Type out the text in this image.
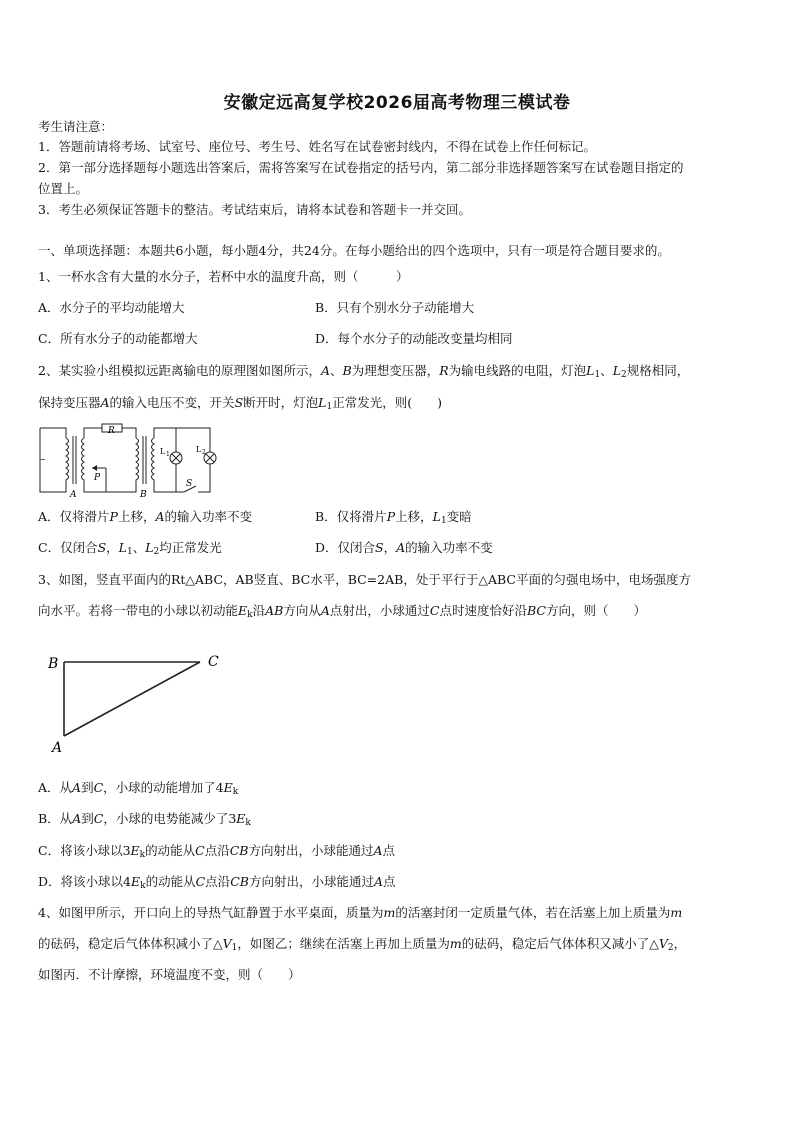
安徽定远高复学校2026届高考物理三模试卷
考生请注意：
1．答题前请将考场、试室号、座位号、考生号、姓名写在试卷密封线内，不得在试卷上作任何标记。
2．第一部分选择题每小题选出答案后，需将答案写在试卷指定的括号内，第二部分非选择题答案写在试卷题目指定的
位置上。
3．考生必须保证答题卡的整洁。考试结束后，请将本试卷和答题卡一并交回。
一、单项选择题：本题共6小题，每小题4分，共24分。在每小题给出的四个选项中，只有一项是符合题目要求的。
1、一杯水含有大量的水分子，若杯中水的温度升高，则（　　　）
A．水分子的平均动能增大	B．只有个别水分子动能增大
C．所有水分子的动能都增大	D．每个水分子的动能改变量均相同
2、某实验小组模拟远距离输电的原理图如图所示，A、B为理想变压器，R为输电线路的电阻，灯泡$L_1$、$L_2$规格相同，
保持变压器A的输入电压不变，开关S断开时，灯泡$L_1$正常发光，则(　　)
~
R
P
A	B
S
L 1
L 2
A．仅将滑片P上移，A的输入功率不变	B．仅将滑片P上移，$L_1$变暗
C．仅闭合S，$L_1$、$L_2$均正常发光	D．仅闭合S，A的输入功率不变
3、如图，竖直平面内的Rt△ABC，AB竖直、BC水平，BC=2AB，处于平行于△ABC平面的匀强电场中，电场强度方
向水平。若将一带电的小球以初动能$E_k$沿AB方向从A点射出，小球通过C点时速度恰好沿BC方向，则（　　）
B	C
A
A．从A到C，小球的动能增加了$4E_k$
B．从A到C，小球的电势能减少了$3E_k$
C．将该小球以$3E_k$的动能从C点沿CB方向射出，小球能通过A点
D．将该小球以$4E_k$的动能从C点沿CB方向射出，小球能通过A点
4、如图甲所示，开口向上的导热气缸静置于水平桌面，质量为m的活塞封闭一定质量气体，若在活塞上加上质量为m
的砝码，稳定后气体体积减小了$\triangle V_1$，如图乙；继续在活塞上再加上质量为m的砝码，稳定后气体体积又减小了$\triangle V_2$，
如图丙．不计摩擦，环境温度不变，则（　　）
